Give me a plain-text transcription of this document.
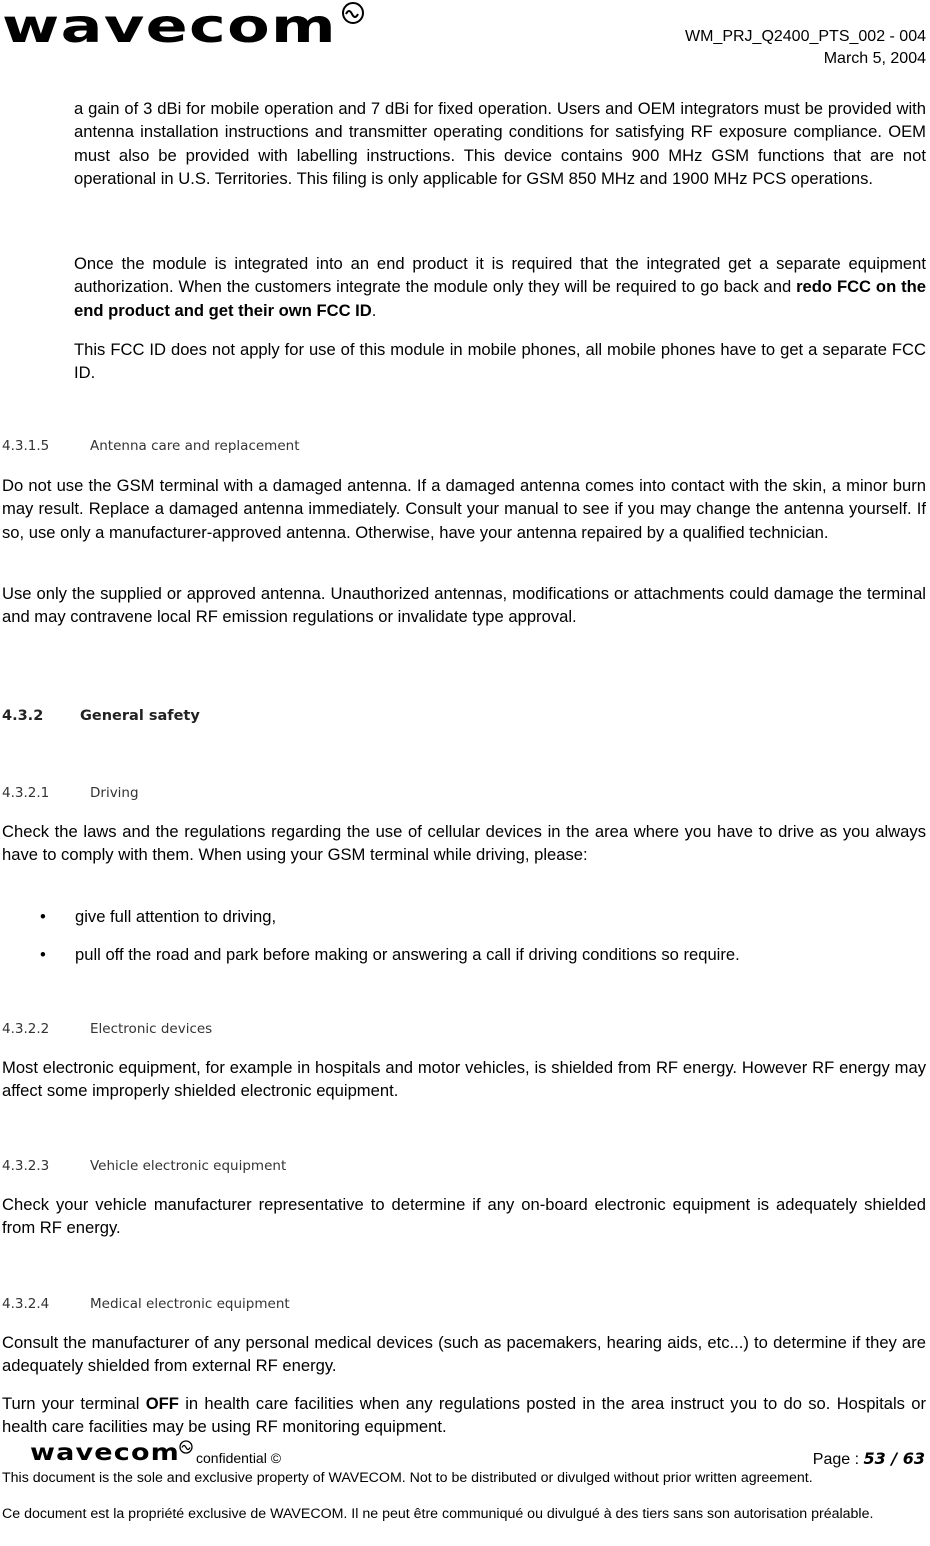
wavecom	WM_PRJ_Q2400_PTS_002 - 004
March 5, 2004

a gain of 3 dBi for mobile operation and 7 dBi for fixed operation. Users and OEM integrators must be provided with antenna installation instructions and transmitter operating conditions for satisfying RF exposure compliance. OEM must also be provided with labelling instructions. This device contains 900 MHz GSM functions that are not operational in U.S. Territories. This filing is only applicable for GSM 850 MHz and 1900 MHz PCS operations.

Once the module is integrated into an end product it is required that the integrated get a separate equipment authorization. When the customers integrate the module only they will be required to go back and redo FCC on the end product and get their own FCC ID.

This FCC ID does not apply for use of this module in mobile phones, all mobile phones have to get a separate FCC ID.

4.3.1.5	Antenna care and replacement

Do not use the GSM terminal with a damaged antenna. If a damaged antenna comes into contact with the skin, a minor burn may result. Replace a damaged antenna immediately. Consult your manual to see if you may change the antenna yourself. If so, use only a manufacturer-approved antenna. Otherwise, have your antenna repaired by a qualified technician.

Use only the supplied or approved antenna. Unauthorized antennas, modifications or attachments could damage the terminal and may contravene local RF emission regulations or invalidate type approval.

4.3.2	General safety
4.3.2.1	Driving

Check the laws and the regulations regarding the use of cellular devices in the area where you have to drive as you always have to comply with them. When using your GSM terminal while driving, please:

• give full attention to driving,
• pull off the road and park before making or answering a call if driving conditions so require.
4.3.2.2	Electronic devices

Most electronic equipment, for example in hospitals and motor vehicles, is shielded from RF energy. However RF energy may affect some improperly shielded electronic equipment.

4.3.2.3	Vehicle electronic equipment

Check your vehicle manufacturer representative to determine if any on-board electronic equipment is adequately shielded from RF energy.

4.3.2.4	Medical electronic equipment

Consult the manufacturer of any personal medical devices (such as pacemakers, hearing aids, etc...) to determine if they are adequately shielded from external RF energy.

Turn your terminal OFF in health care facilities when any regulations posted in the area instruct you to do so. Hospitals or health care facilities may be using RF monitoring equipment.

wavecom confidential ©	Page : 53 / 63
This document is the sole and exclusive property of WAVECOM. Not to be distributed or divulged without prior written agreement.
Ce document est la propriété exclusive de WAVECOM. Il ne peut être communiqué ou divulgué à des tiers sans son autorisation préalable.
